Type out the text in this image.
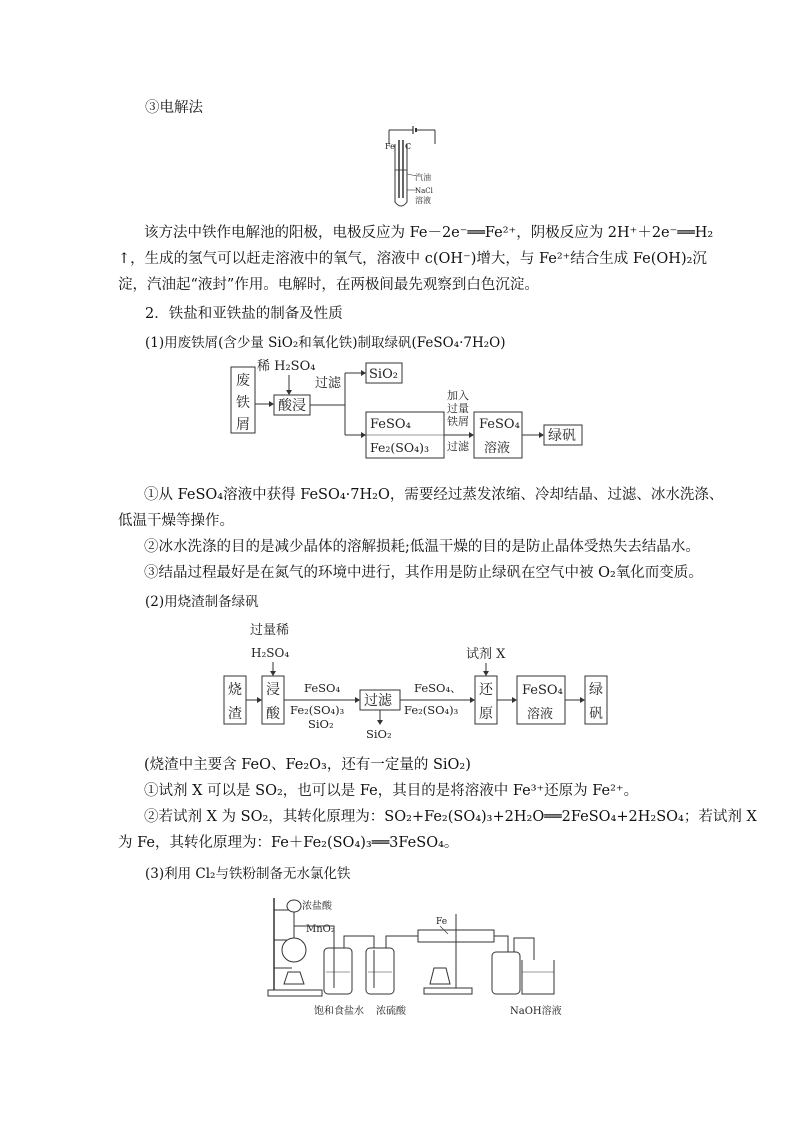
③电解法
Fe C
汽油
NaCl
溶液
该方法中铁作电解池的阳极，电极反应为 Fe－2e⁻══Fe²⁺，阴极反应为 2H⁺＋2e⁻══H₂
↑，生成的氢气可以赶走溶液中的氧气，溶液中 c(OH⁻)增大，与 Fe²⁺结合生成 Fe(OH)₂沉
淀，汽油起“液封”作用。电解时，在两极间最先观察到白色沉淀。
2．铁盐和亚铁盐的制备及性质
(1)用废铁屑(含少量 SiO₂和氧化铁)制取绿矾(FeSO₄·7H₂O)
废
铁
屑
稀 H₂SO₄
酸浸
过滤
SiO₂
FeSO₄
Fe₂(SO₄)₃
加入
过量
铁屑
过滤
FeSO₄
溶液
绿矾
①从 FeSO₄溶液中获得 FeSO₄·7H₂O，需要经过蒸发浓缩、冷却结晶、过滤、冰水洗涤、
低温干燥等操作。
②冰水洗涤的目的是减少晶体的溶解损耗;低温干燥的目的是防止晶体受热失去结晶水。
③结晶过程最好是在氮气的环境中进行，其作用是防止绿矾在空气中被 O₂氧化而变质。
(2)用烧渣制备绿矾
过量稀
H₂SO₄
烧
渣
浸
酸
FeSO₄
Fe₂(SO₄)₃
SiO₂
过滤
SiO₂
FeSO₄、
Fe₂(SO₄)₃
试剂 X
还
原
FeSO₄
溶液
绿
矾
(烧渣中主要含 FeO、Fe₂O₃，还有一定量的 SiO₂)
①试剂 X 可以是 SO₂，也可以是 Fe，其目的是将溶液中 Fe³⁺还原为 Fe²⁺。
②若试剂 X 为 SO₂，其转化原理为：SO₂+Fe₂(SO₄)₃+2H₂O══2FeSO₄+2H₂SO₄；若试剂 X
为 Fe，其转化原理为：Fe＋Fe₂(SO₄)₃══3FeSO₄。
(3)利用 Cl₂与铁粉制备无水氯化铁
浓盐酸
MnO₂
饱和食盐水 浓硫酸
Fe
NaOH溶液
